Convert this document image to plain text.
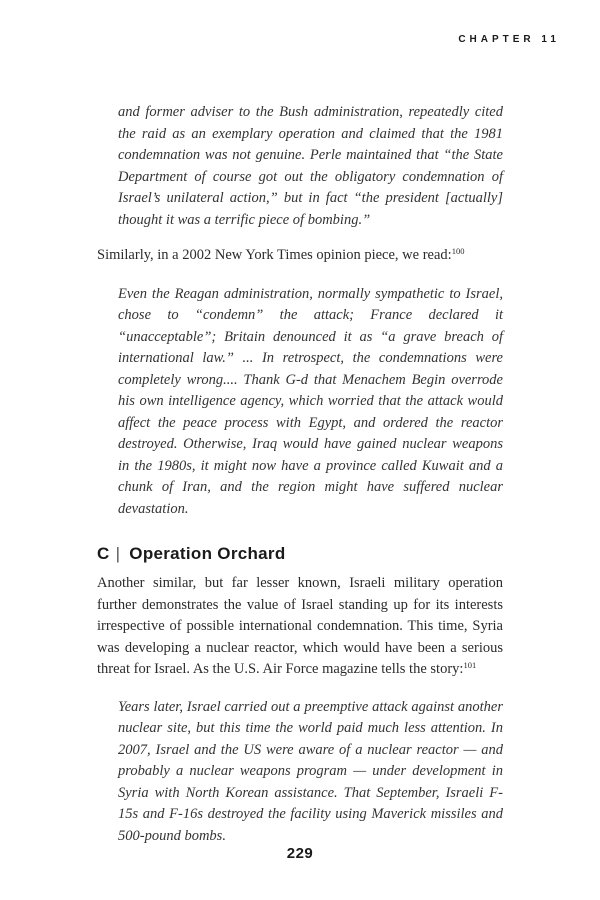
CHAPTER 11

and former adviser to the Bush administration, repeatedly cited the raid as an exemplary operation and claimed that the 1981 condemnation was not genuine. Perle maintained that “the State Department of course got out the obligatory condemnation of Israel’s unilateral action,” but in fact “the president [actually] thought it was a terrific piece of bombing.”

Similarly, in a 2002 New York Times opinion piece, we read:$^{100}$

Even the Reagan administration, normally sympathetic to Israel, chose to “condemn” the attack; France declared it “unacceptable”; Britain denounced it as “a grave breach of international law.” ... In retrospect, the condemnations were completely wrong.... Thank G-d that Menachem Begin overrode his own intelligence agency, which worried that the attack would affect the peace process with Egypt, and ordered the reactor destroyed. Otherwise, Iraq would have gained nuclear weapons in the 1980s, it might now have a province called Kuwait and a chunk of Iran, and the region might have suffered nuclear devastation.

C | Operation Orchard

Another similar, but far lesser known, Israeli military operation further demonstrates the value of Israel standing up for its interests irrespective of possible international condemnation. This time, Syria was developing a nuclear reactor, which would have been a serious threat for Israel. As the U.S. Air Force magazine tells the story:$^{101}$

Years later, Israel carried out a preemptive attack against another nuclear site, but this time the world paid much less attention. In 2007, Israel and the US were aware of a nuclear reactor — and probably a nuclear weapons program — under development in Syria with North Korean assistance. That September, Israeli F-15s and F-16s destroyed the facility using Maverick missiles and 500-pound bombs.

229
